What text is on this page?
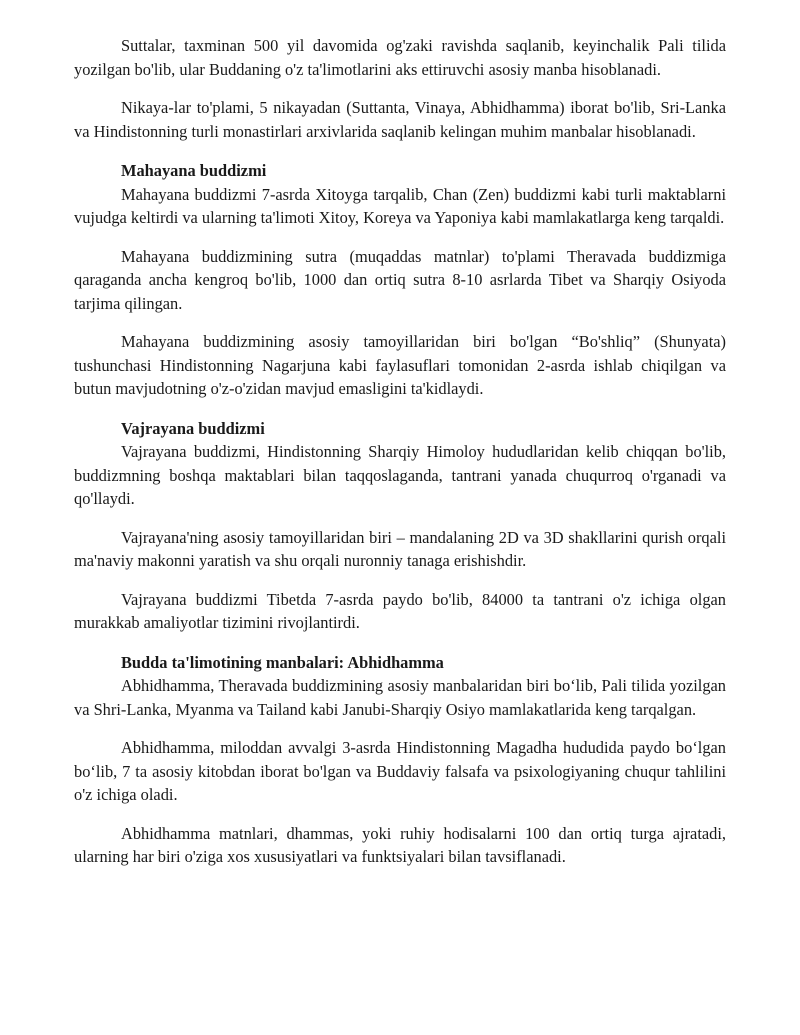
Suttalar, taxminan 500 yil davomida og'zaki ravishda saqlanib, keyinchalik Pali tilida yozilgan bo'lib, ular Buddaning o'z ta'limotlarini aks ettiruvchi asosiy manba hisoblanadi.

Nikaya-lar to'plami, 5 nikayadan (Suttanta, Vinaya, Abhidhamma) iborat bo'lib, Sri-Lanka va Hindistonning turli monastirlari arxivlarida saqlanib kelingan muhim manbalar hisoblanadi.

Mahayana buddizmi

Mahayana buddizmi 7-asrda Xitoyga tarqalib, Chan (Zen) buddizmi kabi turli maktablarni vujudga keltirdi va ularning ta'limoti Xitoy, Koreya va Yaponiya kabi mamlakatlarga keng tarqaldi.

Mahayana buddizmining sutra (muqaddas matnlar) to'plami Theravada buddizmiga qaraganda ancha kengroq bo'lib, 1000 dan ortiq sutra 8-10 asrlarda Tibet va Sharqiy Osiyoda tarjima qilingan.

Mahayana buddizmining asosiy tamoyillaridan biri bo'lgan “Bo'shliq” (Shunyata) tushunchasi Hindistonning Nagarjuna kabi faylasuflari tomonidan 2-asrda ishlab chiqilgan va butun mavjudotning o'z-o'zidan mavjud emasligini ta'kidlaydi.

Vajrayana buddizmi

Vajrayana buddizmi, Hindistonning Sharqiy Himoloy hududlaridan kelib chiqqan bo'lib, buddizmning boshqa maktablari bilan taqqoslaganda, tantrani yanada chuqurroq o'rganadi va qo'llaydi.

Vajrayana'ning asosiy tamoyillaridan biri – mandalaning 2D va 3D shakllarini qurish orqali ma'naviy makonni yaratish va shu orqali nuronniy tanaga erishishdir.

Vajrayana buddizmi Tibetda 7-asrda paydo bo'lib, 84000 ta tantrani o'z ichiga olgan murakkab amaliyotlar tizimini rivojlantirdi.

Budda ta'limotining manbalari: Abhidhamma

Abhidhamma, Theravada buddizmining asosiy manbalaridan biri bo‘lib, Pali tilida yozilgan va Shri-Lanka, Myanma va Tailand kabi Janubi-Sharqiy Osiyo mamlakatlarida keng tarqalgan.

Abhidhamma, miloddan avvalgi 3-asrda Hindistonning Magadha hududida paydo bo‘lgan bo‘lib, 7 ta asosiy kitobdan iborat bo'lgan va Buddaviy falsafa va psixologiyaning chuqur tahlilini o'z ichiga oladi.

Abhidhamma matnlari, dhammas, yoki ruhiy hodisalarni 100 dan ortiq turga ajratadi, ularning har biri o'ziga xos xususiyatlari va funktsiyalari bilan tavsiflanadi.
